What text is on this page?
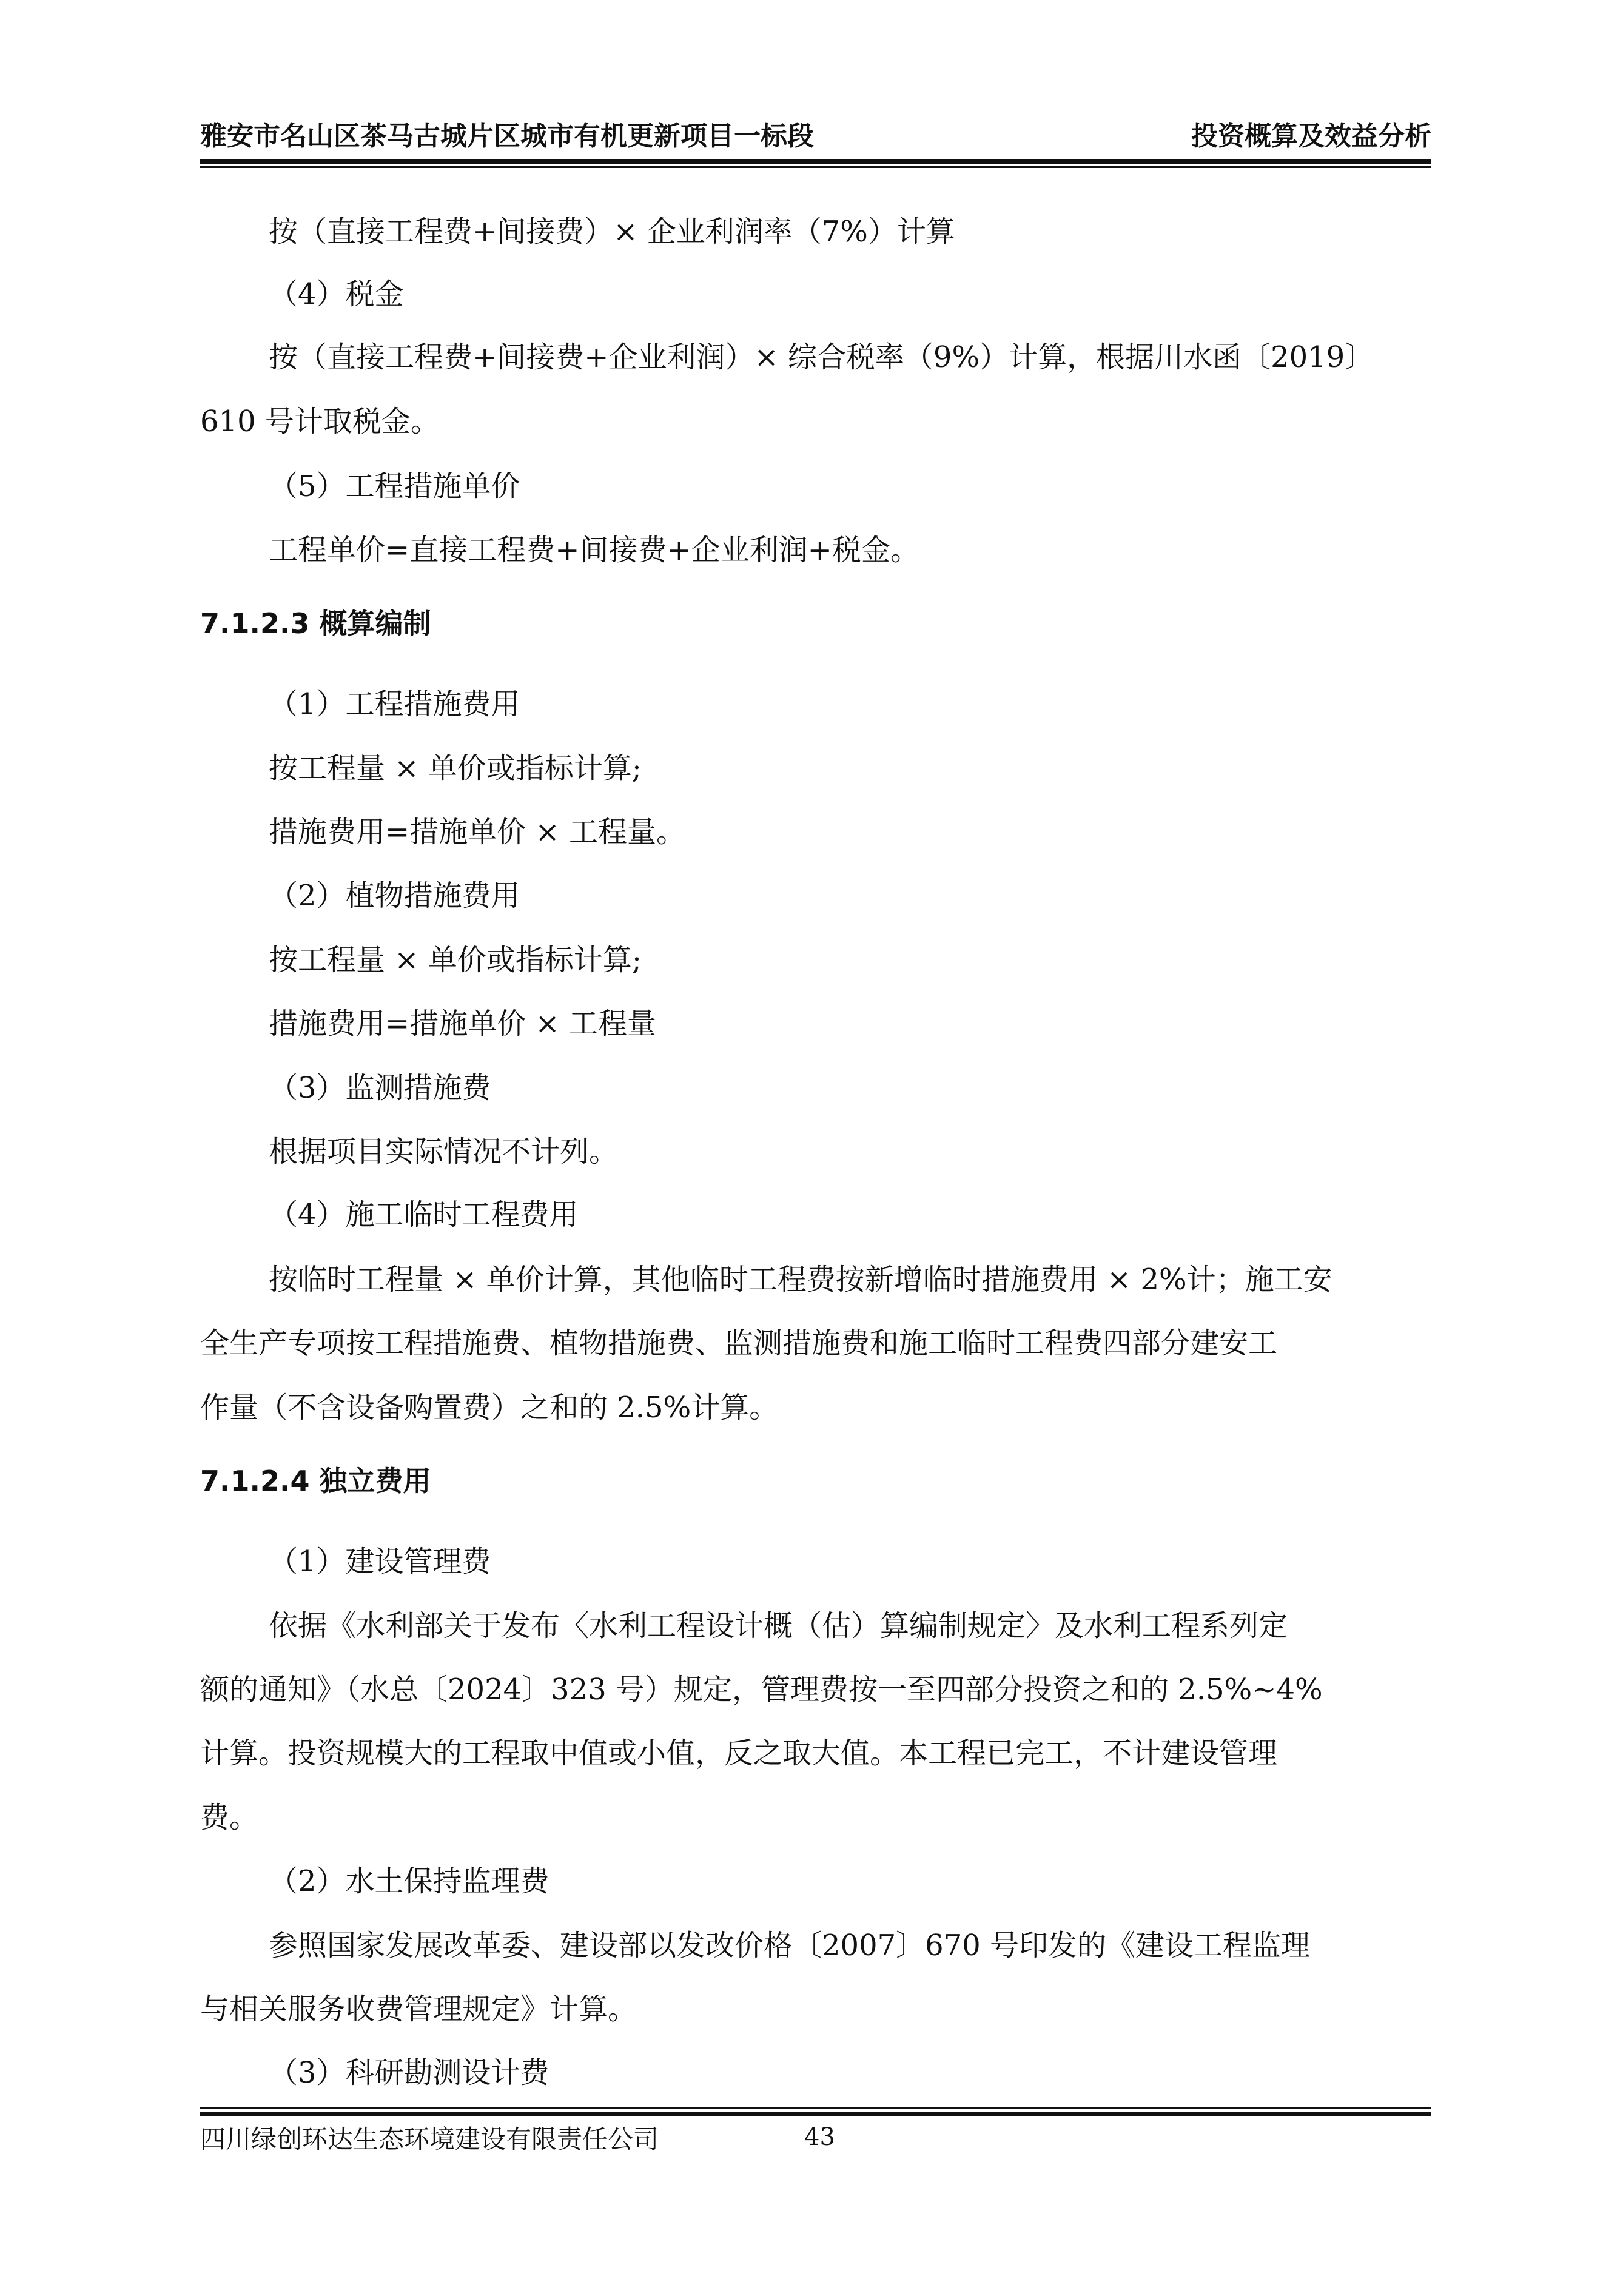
雅安市名山区茶马古城片区城市有机更新项目一标段	投资概算及效益分析
按（直接工程费+间接费）× 企业利润率（7%）计算
（4）税金
按（直接工程费+间接费+企业利润）× 综合税率（9%）计算，根据川水函〔2019〕
610 号计取税金。
（5）工程措施单价
工程单价=直接工程费+间接费+企业利润+税金。
7.1.2.3 概算编制
（1）工程措施费用
按工程量 × 单价或指标计算;
措施费用=措施单价 × 工程量。
（2）植物措施费用
按工程量 × 单价或指标计算;
措施费用=措施单价 × 工程量
（3）监测措施费
根据项目实际情况不计列。
（4）施工临时工程费用
按临时工程量 × 单价计算，其他临时工程费按新增临时措施费用 × 2%计；施工安
全生产专项按工程措施费、植物措施费、监测措施费和施工临时工程费四部分建安工
作量（不含设备购置费）之和的 2.5%计算。
7.1.2.4 独立费用
（1）建设管理费
依据《水利部关于发布〈水利工程设计概（估）算编制规定〉及水利工程系列定
额的通知》（水总〔2024〕323 号）规定，管理费按一至四部分投资之和的 2.5%~4%
计算。投资规模大的工程取中值或小值，反之取大值。本工程已完工，不计建设管理
费。
（2）水土保持监理费
参照国家发展改革委、建设部以发改价格〔2007〕670 号印发的《建设工程监理
与相关服务收费管理规定》计算。
（3）科研勘测设计费
四川绿创环达生态环境建设有限责任公司	43
